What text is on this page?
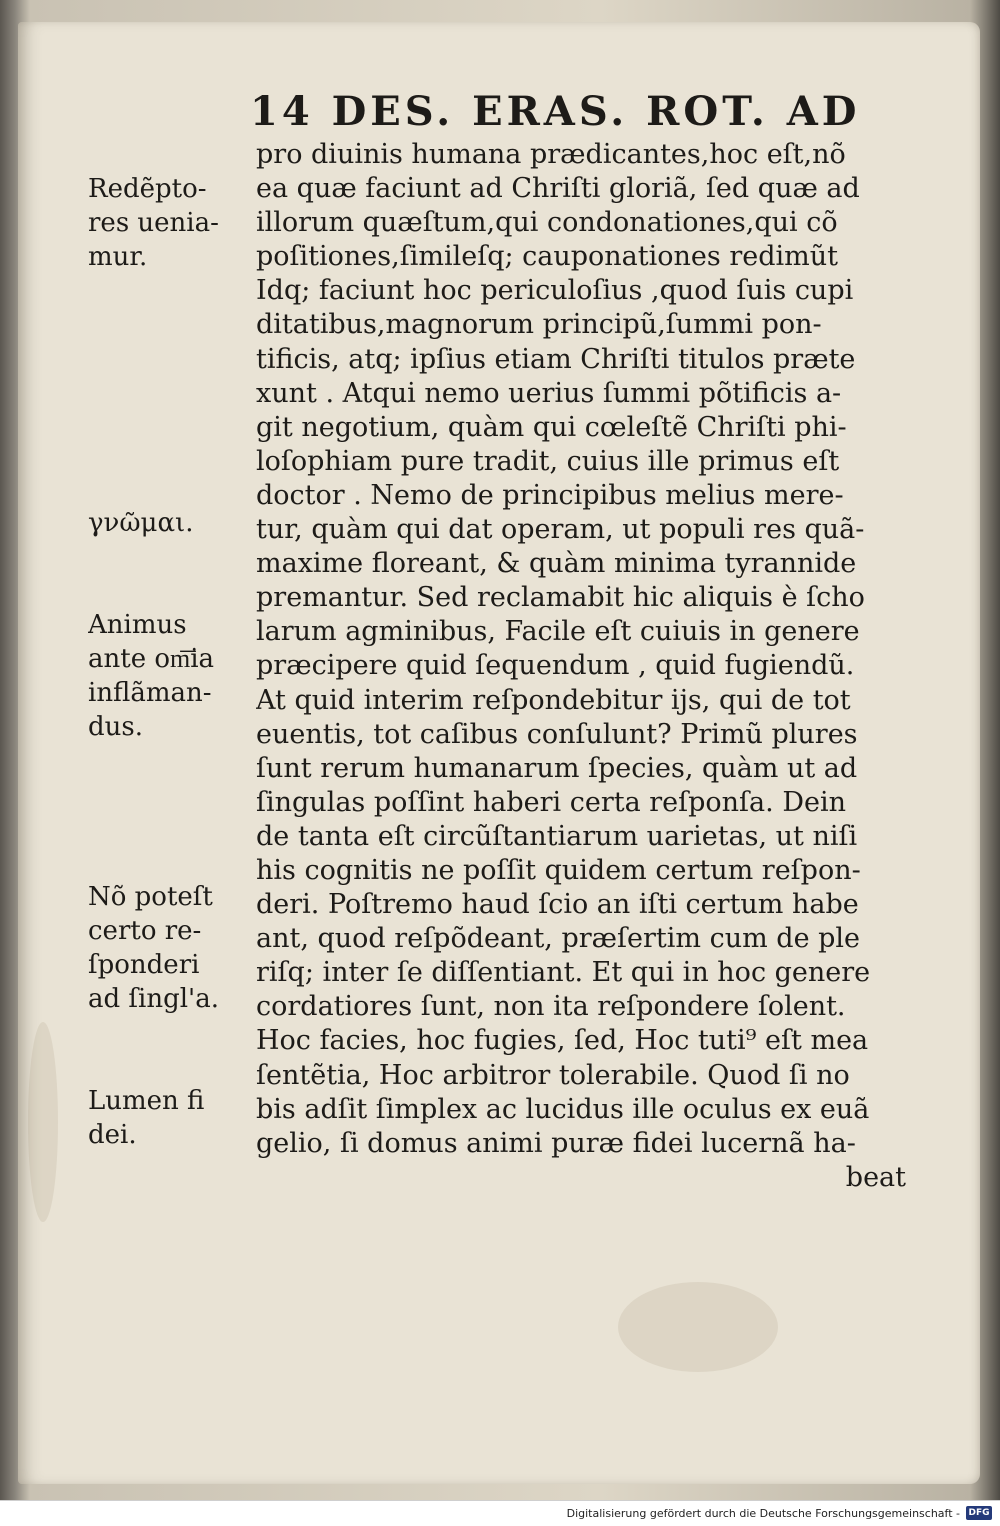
14 DES. ERAS. ROT. AD
pro diuinis humana prædicantes,hoc eſt,nõ
ea quæ faciunt ad Chriſti gloriã, ſed quæ ad
illorum quæſtum,qui condonationes,qui cõ
poſitiones,ſimileſq; cauponationes redimũt
Idq; faciunt hoc periculoſius ,quod ſuis cupi
ditatibus,magnorum principũ,ſummi pon-
tificis, atq; ipſius etiam Chriſti titulos præte
xunt . Atqui nemo uerius ſummi põtificis a-
git negotium, quàm qui cœleſtẽ Chriſti phi-
loſophiam pure tradit, cuius ille primus eſt
doctor . Nemo de principibus melius mere-
tur, quàm qui dat operam, ut populi res quã-
maxime floreant, & quàm minima tyrannide
premantur. Sed reclamabit hic aliquis è ſcho
larum agminibus, Facile eſt cuiuis in genere
præcipere quid ſequendum , quid fugiendũ.
At quid interim reſpondebitur ijs, qui de tot
euentis, tot caſibus conſulunt? Primũ plures
ſunt rerum humanarum ſpecies, quàm ut ad
ſingulas poſſint haberi certa reſponſa. Dein
de tanta eſt circũſtantiarum uarietas, ut niſi
his cognitis ne poſſit quidem certum reſpon-
deri. Poſtremo haud ſcio an iſti certum habe
ant, quod reſpõdeant, præſertim cum de ple
riſq; inter ſe diſſentiant. Et qui in hoc genere
cordatiores ſunt, non ita reſpondere ſolent.
Hoc facies, hoc fugies, ſed, Hoc tuti⁹ eſt mea
ſentẽtia, Hoc arbitror tolerabile. Quod ſi no
bis adſit ſimplex ac lucidus ille oculus ex euã
gelio, ſi domus animi puræ fidei lucernã ha-
beat
Redẽpto-
res uenia-
mur.
γνῶμαι.
Animus
ante om͞ia
inflãman-
dus.
Nõ poteſt
certo re-
ſponderi
ad ſingl'a.
Lumen fi
dei.
Digitalisierung gefördert durch die Deutsche Forschungsgemeinschaft - DFG
